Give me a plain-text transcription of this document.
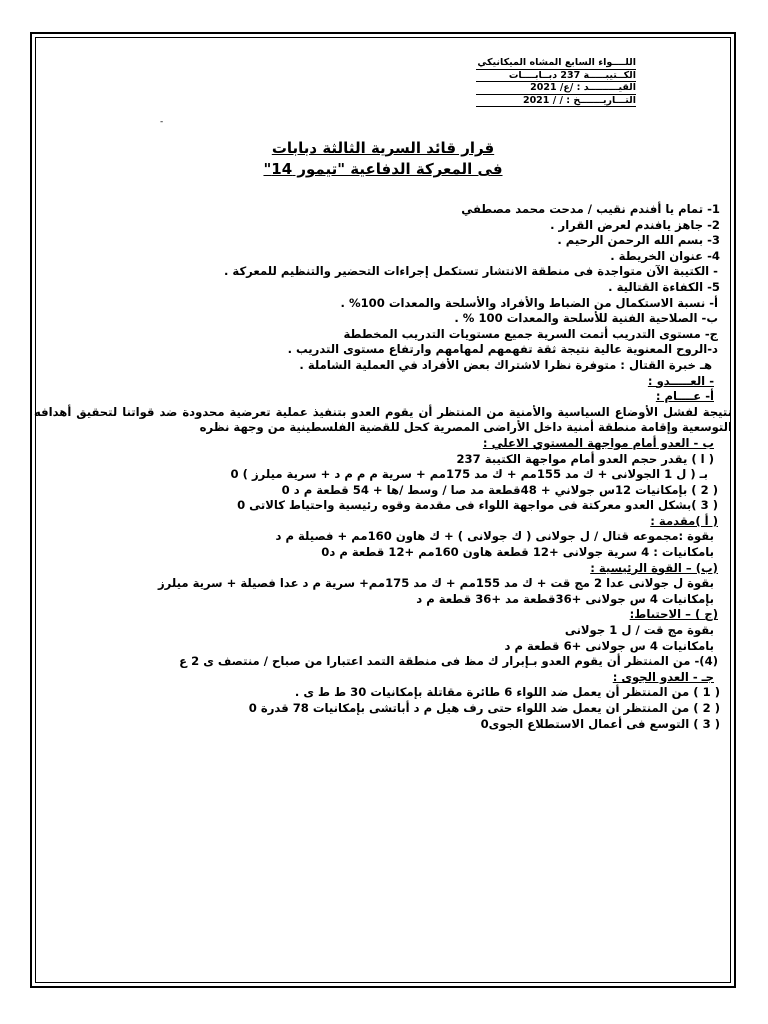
اللــــواء السابع المشاه الميكانيكي
الكــتيبـــــة 237 دبــابــــات
القيـــــــــد : /ع/ 2021
التـــاريـــــــخ : / / 2021
-
قرار قائد السرية الثالثة دبابات
فى المعركة الدفاعية "تيمور 14"
1- تمام يا أفندم نقيب / مدحت محمد مصطفي
2- جاهز يافندم لعرض القرار .
3- بسم الله الرحمن الرحيم .
4- عنوان الخريطة .
- الكتيبة الآن متواجدة فى منطقة الانتشار تستكمل إجراءات التحضير والتنظيم للمعركة .
5- الكفاءة القتالية .
أ- نسبة الاستكمال من الضباط والأفراد والأسلحة والمعدات 100% .
ب- الصلاحية الفنية للأسلحة والمعدات 100 % .
ج- مستوى التدريب أتمت السرية جميع مستويات التدريب المخططة
د-الروح المعنوية عالية نتيجة ثقة تفهمهم لمهامهم وارتفاع مستوى التدريب .
هـ خبرة القتال : متوفرة نظرا لاشتراك بعض الأفراد في العملية الشاملة .
- العـــــدو :
أ- عــــام :
نتيجة لفشل الأوضاع السياسية والأمنية من المنتظر أن يقوم العدو بتنفيذ عملية تعرضية محدودة ضد قواتنا لتحقيق أهدافه التوسعية وإقامة منطقة أمنية داخل الأراضى المصرية كحل للقضية الفلسطينية من وجهة نظره
ب - العدو أمام مواجهة المستوي الاعلي :
( ا ) يقدر حجم العدو أمام مواجهة الكتيبة 237
بـ ( ل 1 الجولانى + ك مد 155مم + ك مد 175مم + سرية م م م د + سرية ميلرز ) 0
( 2 ) بإمكانيات 12س جولاني + 48قطعة مد صا / وسط /ها + 54 قطعة م د 0
( 3 )بشكل العدو معركتة فى مواجهة اللواء فى مقدمة وقوه رئيسية واحتياط كالاتى 0
( أ )مقدمة :
بقوة :مجموعه قتال / ل جولانى ( ك جولانى ) + ك هاون 160مم + فصيلة م د
بامكانيات : 4 سرية جولانى +12 قطعة هاون 160مم +12 قطعة م د0
(ب) – القوة الرئيسية :
بقوة ل جولانى عدا 2 مج قت + ك مد 155مم + ك مد 175مم+ سرية م د عدا فصيلة + سرية ميلرز
بإمكانيات 4 س جولانى +36قطعة مد +36 قطعة م د
(ج ) – الاحتياط:
بقوة مج قت / ل 1 جولانى
بامكانيات 4 س جولانى +6 قطعة م د
(4)- من المنتظر أن يقوم العدو بـإبرار ك مظ فى منطقة التمد اعتبارا من صباح / منتصف ى 2 ع
جـ - العدو الجوى :
( 1 ) من المنتظر أن يعمل ضد اللواء 6 طائرة مقاتلة بإمكانيات 30 ط ط ى .
( 2 ) من المنتظر ان يعمل ضد اللواء حتى رف هيل م د أباتشى بإمكانيات 78 قدرة 0
( 3 ) التوسع فى أعمال الاستطلاع الجوى0
